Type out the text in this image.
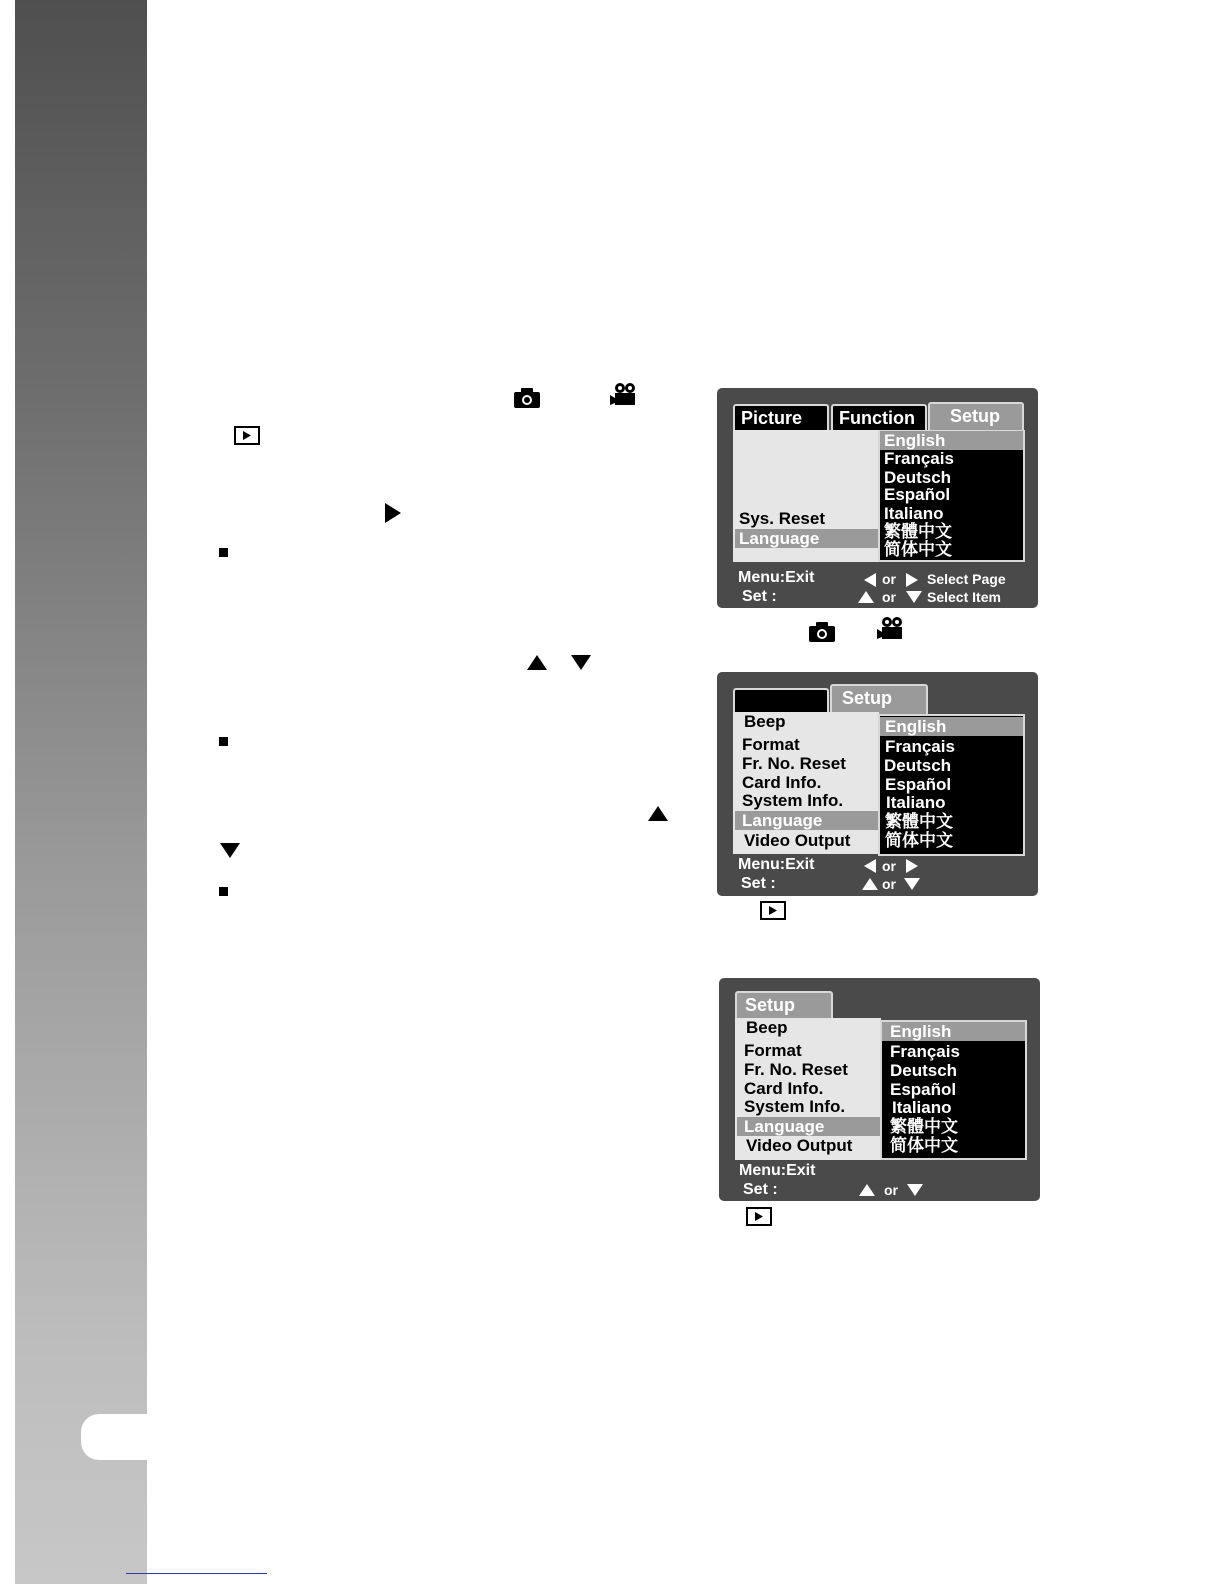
Picture	Function	Setup
Sys. Reset
Language
English
Français
Deutsch
Español
Italiano
繁體中文
简体中文
Menu:Exit
Set :
or Select Page
or Select Item
Setup
Beep
Format
Fr. No. Reset
Card Info.
System Info.
Language
Video Output
English
Français
Deutsch
Español
Italiano
繁體中文
简体中文
Menu:Exit
Set :
or
or
Setup
Beep
Format
Fr. No. Reset
Card Info.
System Info.
Language
Video Output
English
Français
Deutsch
Español
Italiano
繁體中文
简体中文
Menu:Exit
Set :	or
